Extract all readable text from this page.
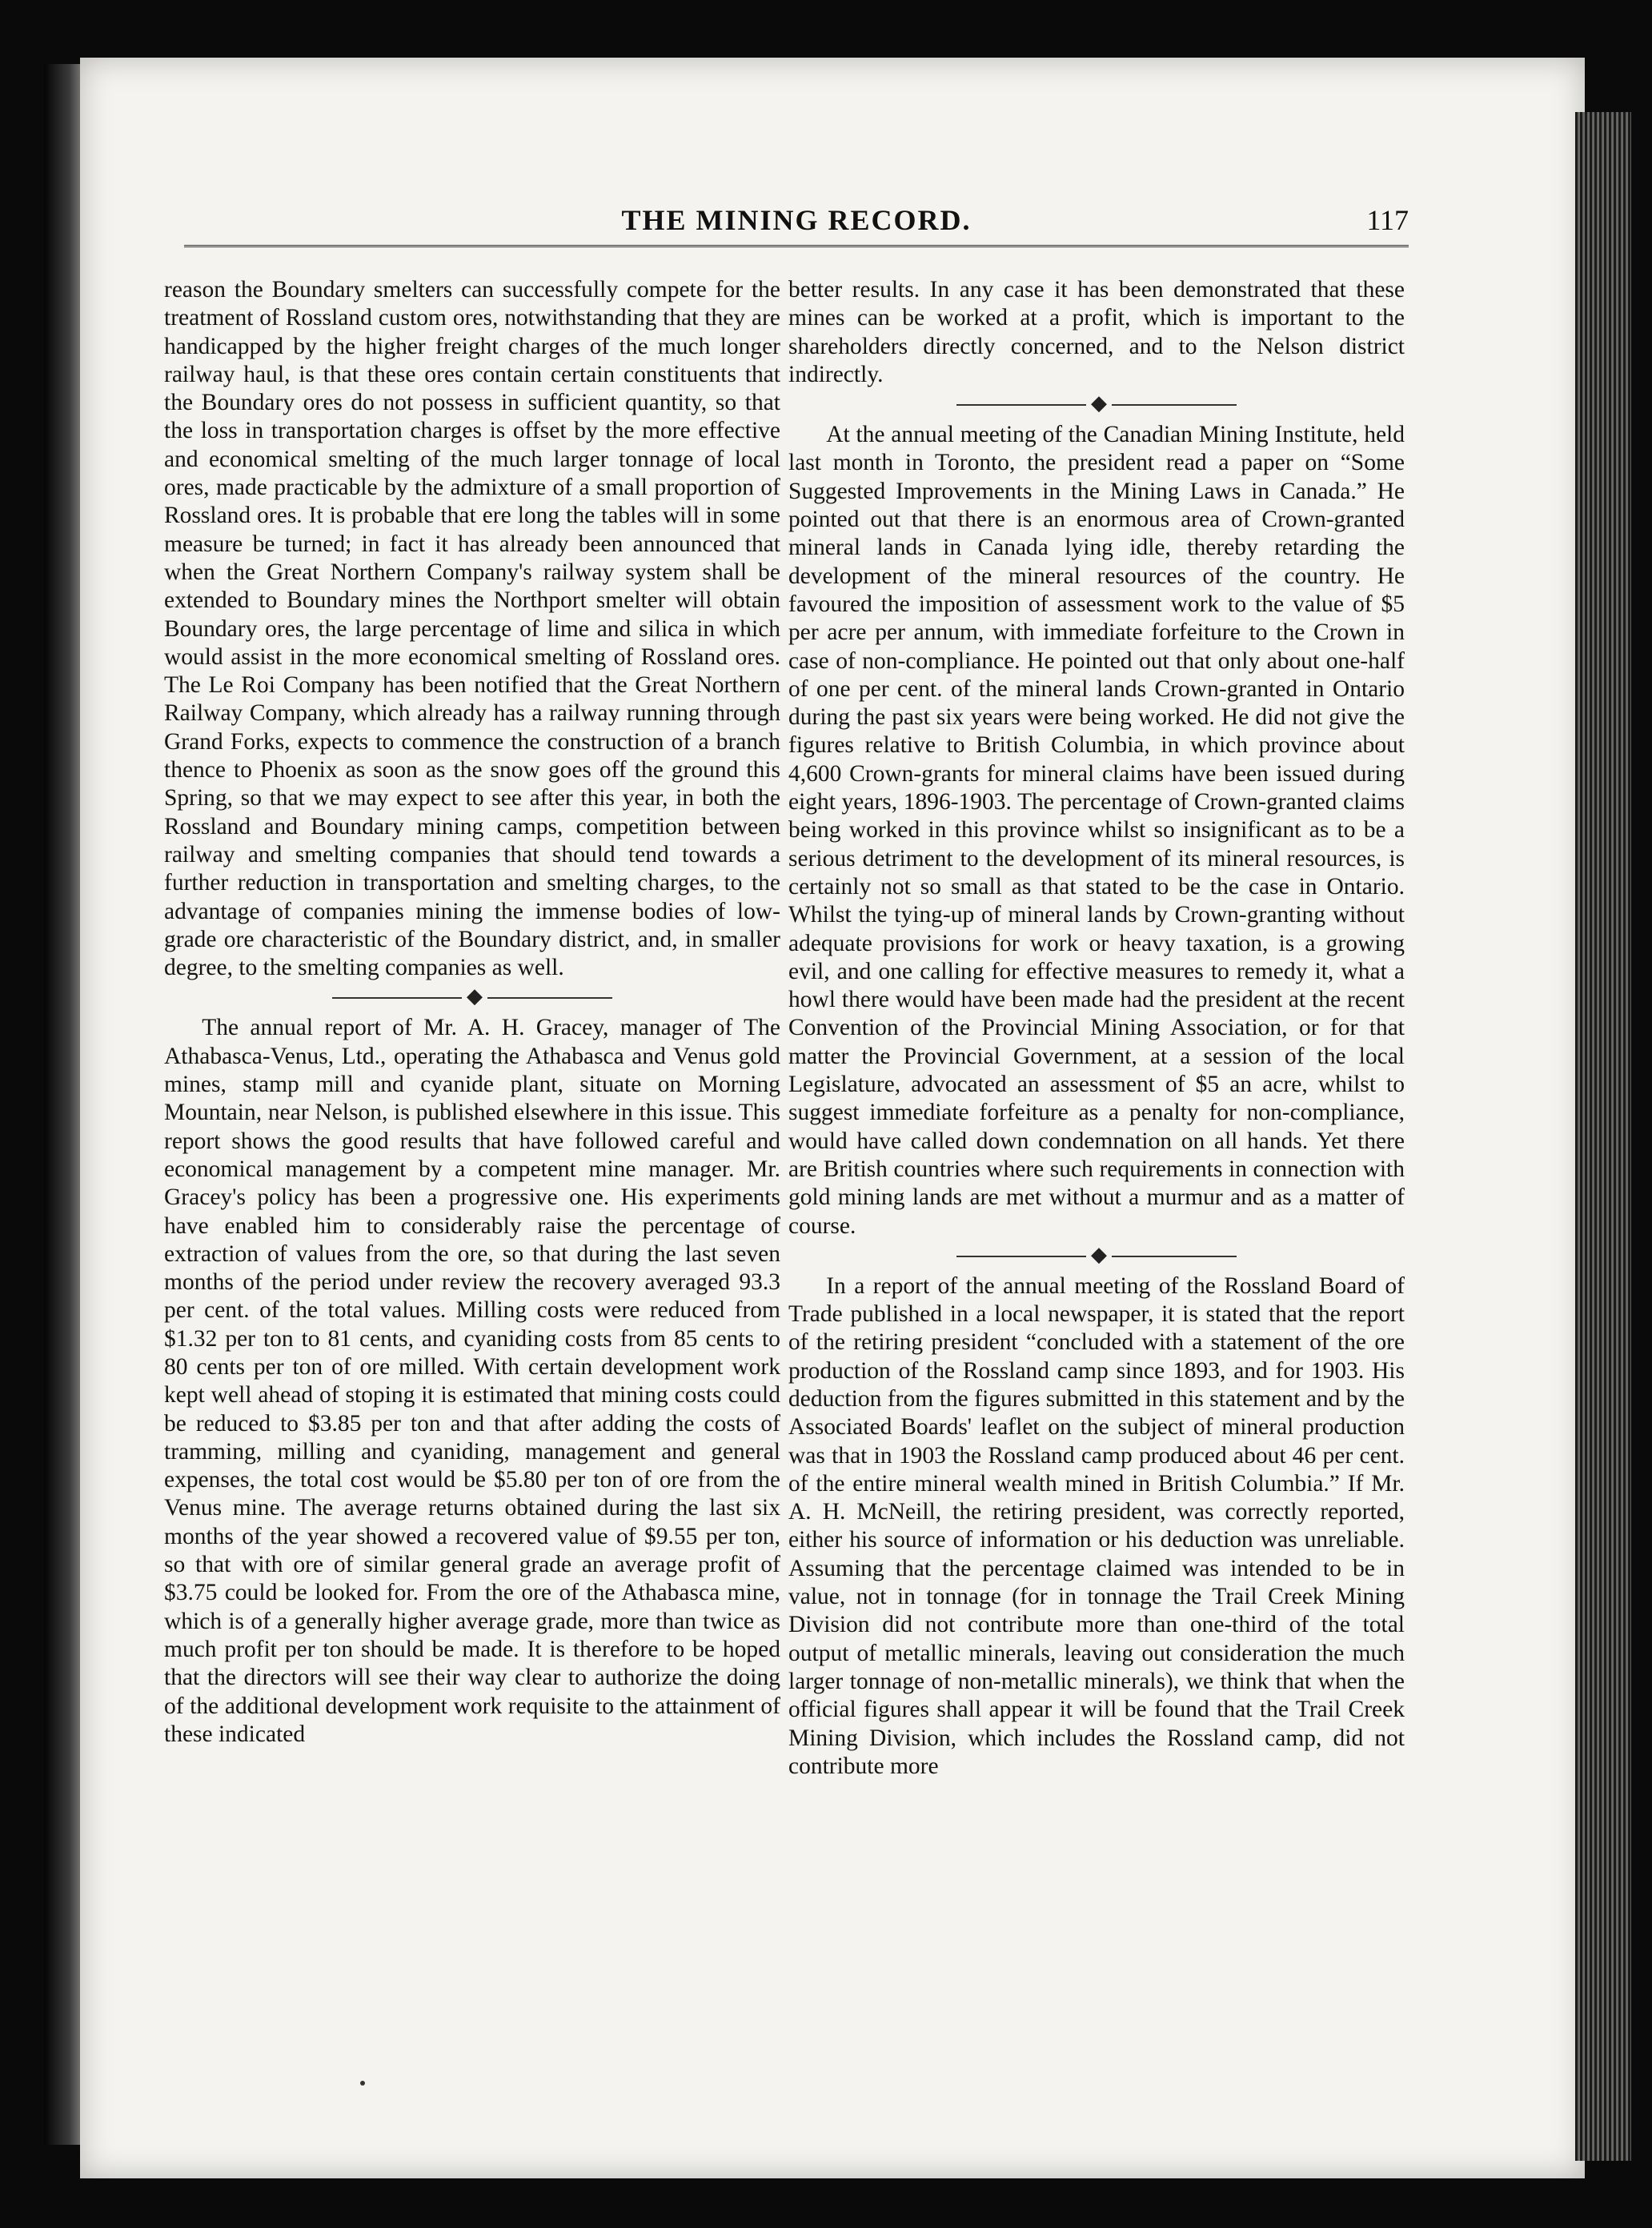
THE MINING RECORD.	117

reason the Boundary smelters can successfully compete for the treatment of Rossland custom ores, notwithstanding that they are handicapped by the higher freight charges of the much longer railway haul, is that these ores contain certain constituents that the Boundary ores do not possess in sufficient quantity, so that the loss in transportation charges is offset by the more effective and economical smelting of the much larger tonnage of local ores, made practicable by the admixture of a small proportion of Rossland ores. It is probable that ere long the tables will in some measure be turned; in fact it has already been announced that when the Great Northern Company's railway system shall be extended to Boundary mines the Northport smelter will obtain Boundary ores, the large percentage of lime and silica in which would assist in the more economical smelting of Rossland ores. The Le Roi Company has been notified that the Great Northern Railway Company, which already has a railway running through Grand Forks, expects to commence the construction of a branch thence to Phoenix as soon as the snow goes off the ground this Spring, so that we may expect to see after this year, in both the Rossland and Boundary mining camps, competition between railway and smelting companies that should tend towards a further reduction in transportation and smelting charges, to the advantage of companies mining the immense bodies of low-grade ore characteristic of the Boundary district, and, in smaller degree, to the smelting companies as well.

◆

The annual report of Mr. A. H. Gracey, manager of The Athabasca-Venus, Ltd., operating the Athabasca and Venus gold mines, stamp mill and cyanide plant, situate on Morning Mountain, near Nelson, is published elsewhere in this issue. This report shows the good results that have followed careful and economical management by a competent mine manager. Mr. Gracey's policy has been a progressive one. His experiments have enabled him to considerably raise the percentage of extraction of values from the ore, so that during the last seven months of the period under review the recovery averaged 93.3 per cent. of the total values. Milling costs were reduced from $1.32 per ton to 81 cents, and cyaniding costs from 85 cents to 80 cents per ton of ore milled. With certain development work kept well ahead of stoping it is estimated that mining costs could be reduced to $3.85 per ton and that after adding the costs of tramming, milling and cyaniding, management and general expenses, the total cost would be $5.80 per ton of ore from the Venus mine. The average returns obtained during the last six months of the year showed a recovered value of $9.55 per ton, so that with ore of similar general grade an average profit of $3.75 could be looked for. From the ore of the Athabasca mine, which is of a generally higher average grade, more than twice as much profit per ton should be made. It is therefore to be hoped that the directors will see their way clear to authorize the doing of the additional development work requisite to the attainment of these indicated

better results. In any case it has been demonstrated that these mines can be worked at a profit, which is important to the shareholders directly concerned, and to the Nelson district indirectly.

◆

At the annual meeting of the Canadian Mining Institute, held last month in Toronto, the president read a paper on “Some Suggested Improvements in the Mining Laws in Canada.” He pointed out that there is an enormous area of Crown-granted mineral lands in Canada lying idle, thereby retarding the development of the mineral resources of the country. He favoured the imposition of assessment work to the value of $5 per acre per annum, with immediate forfeiture to the Crown in case of non-compliance. He pointed out that only about one-half of one per cent. of the mineral lands Crown-granted in Ontario during the past six years were being worked. He did not give the figures relative to British Columbia, in which province about 4,600 Crown-grants for mineral claims have been issued during eight years, 1896-1903. The percentage of Crown-granted claims being worked in this province whilst so insignificant as to be a serious detriment to the development of its mineral resources, is certainly not so small as that stated to be the case in Ontario. Whilst the tying-up of mineral lands by Crown-granting without adequate provisions for work or heavy taxation, is a growing evil, and one calling for effective measures to remedy it, what a howl there would have been made had the president at the recent Convention of the Provincial Mining Association, or for that matter the Provincial Government, at a session of the local Legislature, advocated an assessment of $5 an acre, whilst to suggest immediate forfeiture as a penalty for non-compliance, would have called down condemnation on all hands. Yet there are British countries where such requirements in connection with gold mining lands are met without a murmur and as a matter of course.

◆

In a report of the annual meeting of the Rossland Board of Trade published in a local newspaper, it is stated that the report of the retiring president “concluded with a statement of the ore production of the Rossland camp since 1893, and for 1903. His deduction from the figures submitted in this statement and by the Associated Boards' leaflet on the subject of mineral production was that in 1903 the Rossland camp produced about 46 per cent. of the entire mineral wealth mined in British Columbia.” If Mr. A. H. McNeill, the retiring president, was correctly reported, either his source of information or his deduction was unreliable. Assuming that the percentage claimed was intended to be in value, not in tonnage (for in tonnage the Trail Creek Mining Division did not contribute more than one-third of the total output of metallic minerals, leaving out consideration the much larger tonnage of non-metallic minerals), we think that when the official figures shall appear it will be found that the Trail Creek Mining Division, which includes the Rossland camp, did not contribute more
